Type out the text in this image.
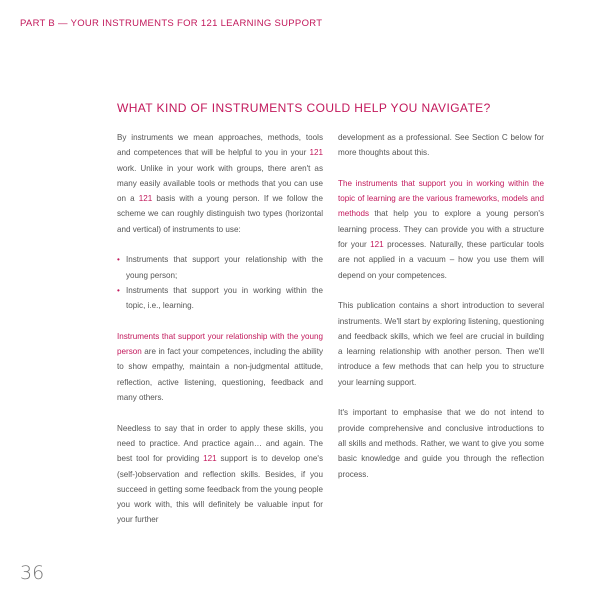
PART B — YOUR INSTRUMENTS FOR 121 LEARNING SUPPORT
WHAT KIND OF INSTRUMENTS COULD HELP YOU NAVIGATE?

By instruments we mean approaches, methods, tools and competences that will be helpful to you in your 121 work. Unlike in your work with groups, there aren't as many easily available tools or methods that you can use on a 121 basis with a young person. If we follow the scheme we can roughly distinguish two types (horizontal and vertical) of instruments to use:

• Instruments that support your relationship with the young person;
• Instruments that support you in working within the topic, i.e., learning.

Instruments that support your relationship with the young person are in fact your competences, including the ability to show empathy, maintain a non-judgmental attitude, reflection, active listening, questioning, feedback and many others.

Needless to say that in order to apply these skills, you need to practice. And practice again… and again. The best tool for providing 121 support is to develop one's (self-)observation and reflection skills. Besides, if you succeed in getting some feedback from the young people you work with, this will definitely be valuable input for your further

development as a professional. See Section C below for more thoughts about this.

The instruments that support you in working within the topic of learning are the various frameworks, models and methods that help you to explore a young person's learning process. They can provide you with a structure for your 121 processes. Naturally, these particular tools are not applied in a vacuum – how you use them will depend on your competences.

This publication contains a short introduction to several instruments. We'll start by exploring listening, questioning and feedback skills, which we feel are crucial in building a learning relationship with another person. Then we'll introduce a few methods that can help you to structure your learning support.

It's important to emphasise that we do not intend to provide comprehensive and conclusive introductions to all skills and methods. Rather, we want to give you some basic knowledge and guide you through the reflection process.

36
